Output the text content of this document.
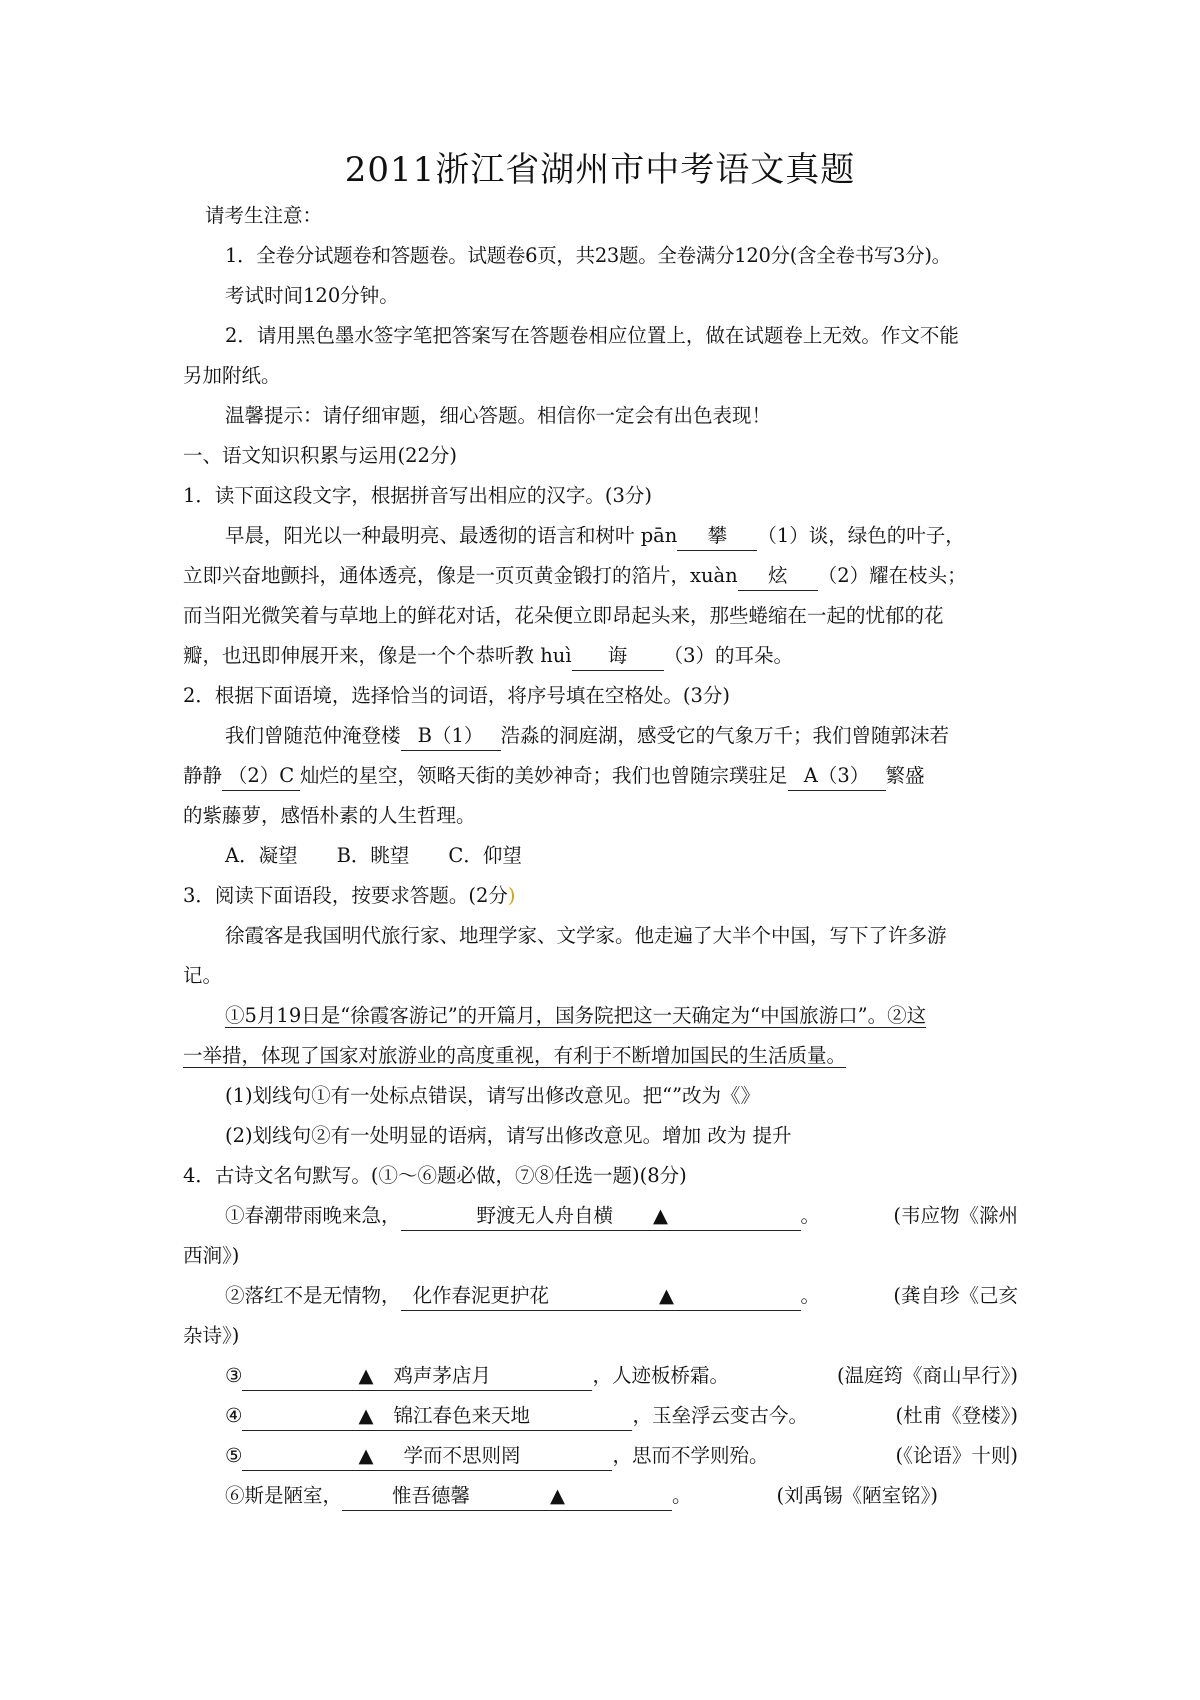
2011浙江省湖州市中考语文真题

请考生注意：

1．全卷分试题卷和答题卷。试题卷6页，共23题。全卷满分120分(含全卷书写3分)。

考试时间120分钟。

2．请用黑色墨水签字笔把答案写在答题卷相应位置上，做在试题卷上无效。作文不能

另加附纸。

温馨提示：请仔细审题，细心答题。相信你一定会有出色表现！

一、语文知识积累与运用(22分)

1．读下面这段文字，根据拼音写出相应的汉字。(3分)

早晨，阳光以一种最明亮、最透彻的语言和树叶 pān 攀 （1）谈，绿色的叶子，

立即兴奋地颤抖，通体透亮，像是一页页黄金锻打的箔片，xuàn 炫 （2）耀在枝头；

而当阳光微笑着与草地上的鲜花对话，花朵便立即昂起头来，那些蜷缩在一起的忧郁的花

瓣，也迅即伸展开来，像是一个个恭听教 huì 诲 （3）的耳朵。

2．根据下面语境，选择恰当的词语，将序号填在空格处。(3分)

我们曾随范仲淹登楼 B（1） 浩淼的洞庭湖，感受它的气象万千；我们曾随郭沫若

静静 （2）C 灿烂的星空，领略天街的美妙神奇；我们也曾随宗璞驻足 A（3） 繁盛

的紫藤萝，感悟朴素的人生哲理。

A．凝望　　B．眺望　　C．仰望

3．阅读下面语段，按要求答题。(2分)

徐霞客是我国明代旅行家、地理学家、文学家。他走遍了大半个中国，写下了许多游

记。

①5月19日是“徐霞客游记”的开篇月，国务院把这一天确定为“中国旅游口”。②这

一举措，体现了国家对旅游业的高度重视，有利于不断增加国民的生活质量。

(1)划线句①有一处标点错误，请写出修改意见。把“”改为《》

(2)划线句②有一处明显的语病，请写出修改意见。增加 改为 提升

4．古诗文名句默写。(①～⑥题必做，⑦⑧任选一题)(8分)

①春潮带雨晚来急，	野渡无人舟自横 ▲	。	(韦应物《滁州

西涧》)

②落红不是无情物， 化作春泥更护花	▲	。	(龚自珍《己亥

杂诗》)

③	▲ 鸡声茅店月	，人迹板桥霜。	(温庭筠《商山早行》)

④	▲ 锦江春色来天地	，玉垒浮云变古今。	(杜甫《登楼》)

⑤	▲ 学而不思则罔	，思而不学则殆。	(《论语》十则)

⑥斯是陋室，	惟吾德馨	▲	。	(刘禹锡《陋室铭》)
